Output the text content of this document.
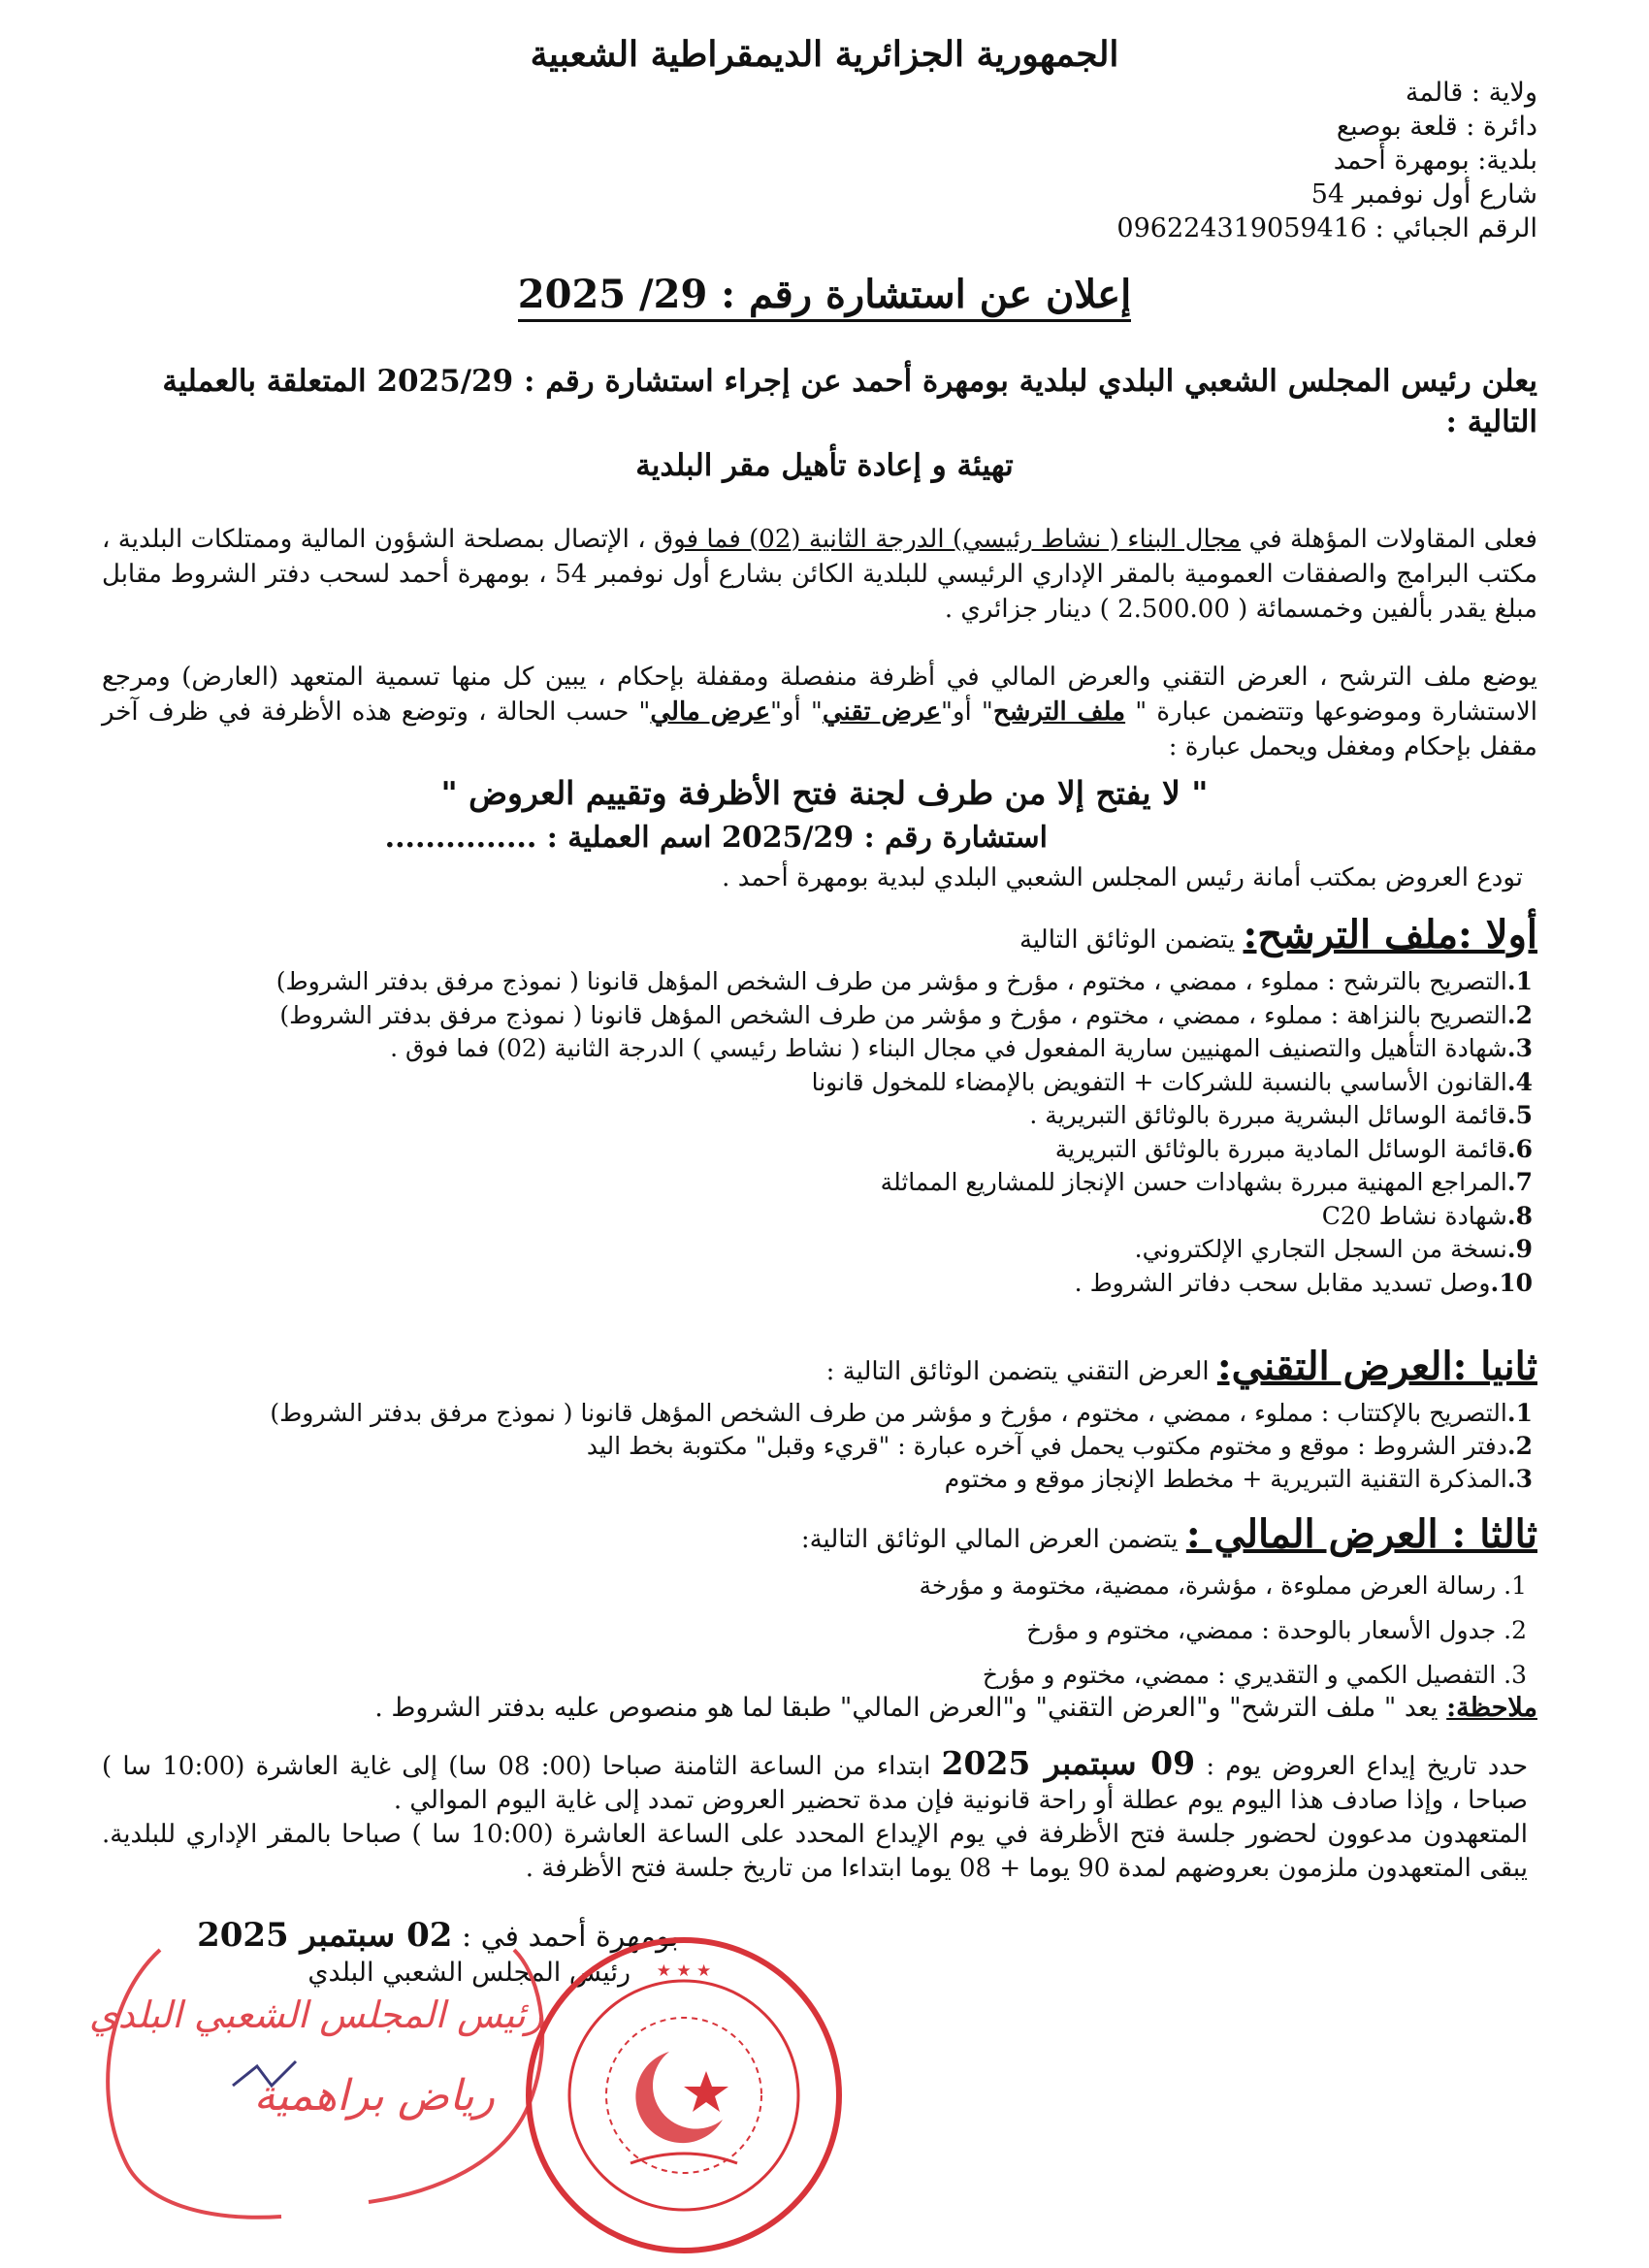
الجمهورية الجزائرية الديمقراطية الشعبية
ولاية : قالمة
دائرة : قلعة بوصبع
بلدية: بومهرة أحمد
شارع أول نوفمبر 54
الرقم الجبائي : 096224319059416
إعلان عن استشارة رقم : 29/ 2025
يعلن رئيس المجلس الشعبي البلدي لبلدية بومهرة أحمد عن إجراء استشارة رقم : 2025/29 المتعلقة بالعملية التالية :
تهيئة و إعادة تأهيل مقر البلدية
فعلى المقاولات المؤهلة في مجال البناء ( نشاط رئيسي) الدرجة الثانية (02) فما فوق ، الإتصال بمصلحة الشؤون المالية وممتلكات البلدية ، مكتب البرامج والصفقات العمومية بالمقر الإداري الرئيسي للبلدية الكائن بشارع أول نوفمبر 54 ، بومهرة أحمد لسحب دفتر الشروط مقابل مبلغ يقدر بألفين وخمسمائة ( 2.500.00 ) دينار جزائري .
يوضع ملف الترشح ، العرض التقني والعرض المالي في أظرفة منفصلة ومقفلة بإحكام ، يبين كل منها تسمية المتعهد (العارض) ومرجع الاستشارة وموضوعها وتتضمن عبارة " ملف الترشح" أو"عرض تقني" أو"عرض مالي" حسب الحالة ، وتوضع هذه الأظرفة في ظرف آخر مقفل بإحكام ومغفل ويحمل عبارة :
" لا يفتح إلا من طرف لجنة فتح الأظرفة وتقييم العروض "
استشارة رقم : 2025/29 اسم العملية : ...............
تودع العروض بمكتب أمانة رئيس المجلس الشعبي البلدي لبدية بومهرة أحمد .
أولا :ملف الترشح: يتضمن الوثائق التالية
1.التصريح بالترشح : مملوء ، ممضي ، مختوم ، مؤرخ و مؤشر من طرف الشخص المؤهل قانونا ( نموذج مرفق بدفتر الشروط)
2.التصريح بالنزاهة : مملوء ، ممضي ، مختوم ، مؤرخ و مؤشر من طرف الشخص المؤهل قانونا ( نموذج مرفق بدفتر الشروط)
3.شهادة التأهيل والتصنيف المهنيين سارية المفعول في مجال البناء ( نشاط رئيسي ) الدرجة الثانية (02) فما فوق .
4.القانون الأساسي بالنسبة للشركات + التفويض بالإمضاء للمخول قانونا
5.قائمة الوسائل البشرية مبررة بالوثائق التبريرية .
6.قائمة الوسائل المادية مبررة بالوثائق التبريرية
7.المراجع المهنية مبررة بشهادات حسن الإنجاز للمشاريع المماثلة
8.شهادة نشاط C20
9.نسخة من السجل التجاري الإلكتروني.
10.وصل تسديد مقابل سحب دفاتر الشروط .
ثانيا :العرض التقني: العرض التقني يتضمن الوثائق التالية :
1.التصريح بالإكتتاب : مملوء ، ممضي ، مختوم ، مؤرخ و مؤشر من طرف الشخص المؤهل قانونا ( نموذج مرفق بدفتر الشروط)
2.دفتر الشروط : موقع و مختوم مكتوب يحمل في آخره عبارة : "قريء وقبل" مكتوبة بخط اليد
3.المذكرة التقنية التبريرية + مخطط الإنجاز موقع و مختوم
ثالثا : العرض المالي : يتضمن العرض المالي الوثائق التالية:
1. رسالة العرض مملوءة ، مؤشرة، ممضية، مختومة و مؤرخة
2. جدول الأسعار بالوحدة : ممضي، مختوم و مؤرخ
3. التفصيل الكمي و التقديري : ممضي، مختوم و مؤرخ
ملاحظة: يعد " ملف الترشح" و"العرض التقني" و"العرض المالي" طبقا لما هو منصوص عليه بدفتر الشروط .
حدد تاريخ إيداع العروض يوم : 09 سبتمبر 2025 ابتداء من الساعة الثامنة صباحا (00: 08 سا) إلى غاية العاشرة (10:00 سا ) صباحا ، وإذا صادف هذا اليوم يوم عطلة أو راحة قانونية فإن مدة تحضير العروض تمدد إلى غاية اليوم الموالي .
المتعهدون مدعوون لحضور جلسة فتح الأظرفة في يوم الإيداع المحدد على الساعة العاشرة (10:00 سا ) صباحا بالمقر الإداري للبلدية. يبقى المتعهدون ملزمون بعروضهم لمدة 90 يوما + 08 يوما ابتداءا من تاريخ جلسة فتح الأظرفة .
بومهرة أحمد في : 02 سبتمبر 2025
رئيس المجلس الشعبي البلدي
رئيس المجلس الشعبي البلدي
رياض براهمية
★ ★ ★
